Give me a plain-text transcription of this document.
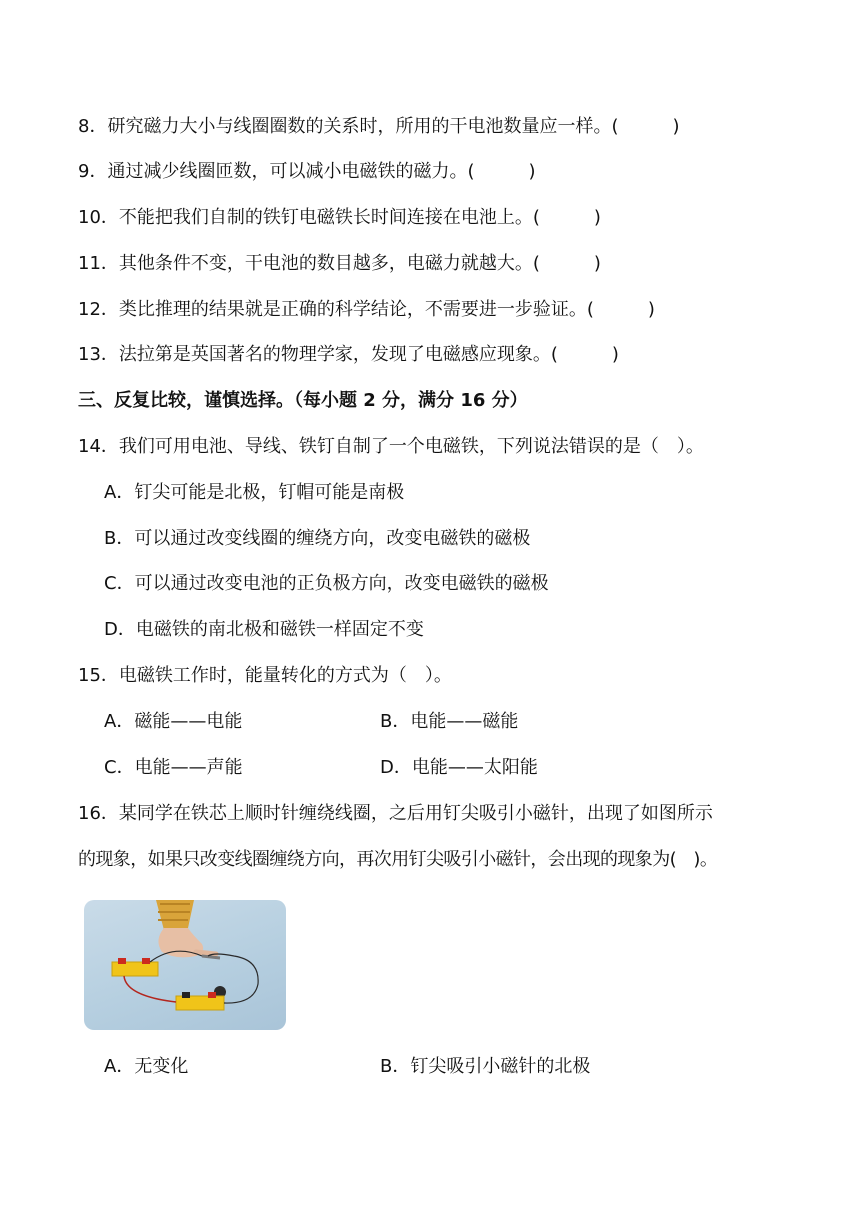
8．研究磁力大小与线圈圈数的关系时，所用的干电池数量应一样。(　　　)
9．通过减少线圈匝数，可以减小电磁铁的磁力。(　　　)
10．不能把我们自制的铁钉电磁铁长时间连接在电池上。(　　　)
11．其他条件不变，干电池的数目越多，电磁力就越大。(　　　)
12．类比推理的结果就是正确的科学结论，不需要进一步验证。(　　　)
13．法拉第是英国著名的物理学家，发现了电磁感应现象。(　　　)
三、反复比较，谨慎选择。（每小题 2 分，满分 16 分）
14．我们可用电池、导线、铁钉自制了一个电磁铁，下列说法错误的是（　）。
A．钉尖可能是北极，钉帽可能是南极
B．可以通过改变线圈的缠绕方向，改变电磁铁的磁极
C．可以通过改变电池的正负极方向，改变电磁铁的磁极
D．电磁铁的南北极和磁铁一样固定不变
15．电磁铁工作时，能量转化的方式为（　）。
A．磁能——电能	B．电能——磁能
C．电能——声能	D．电能——太阳能
16．某同学在铁芯上顺时针缠绕线圈，之后用钉尖吸引小磁针，出现了如图所示
的现象，如果只改变线圈缠绕方向，再次用钉尖吸引小磁针，会出现的现象为(　)。
A．无变化	B．钉尖吸引小磁针的北极
